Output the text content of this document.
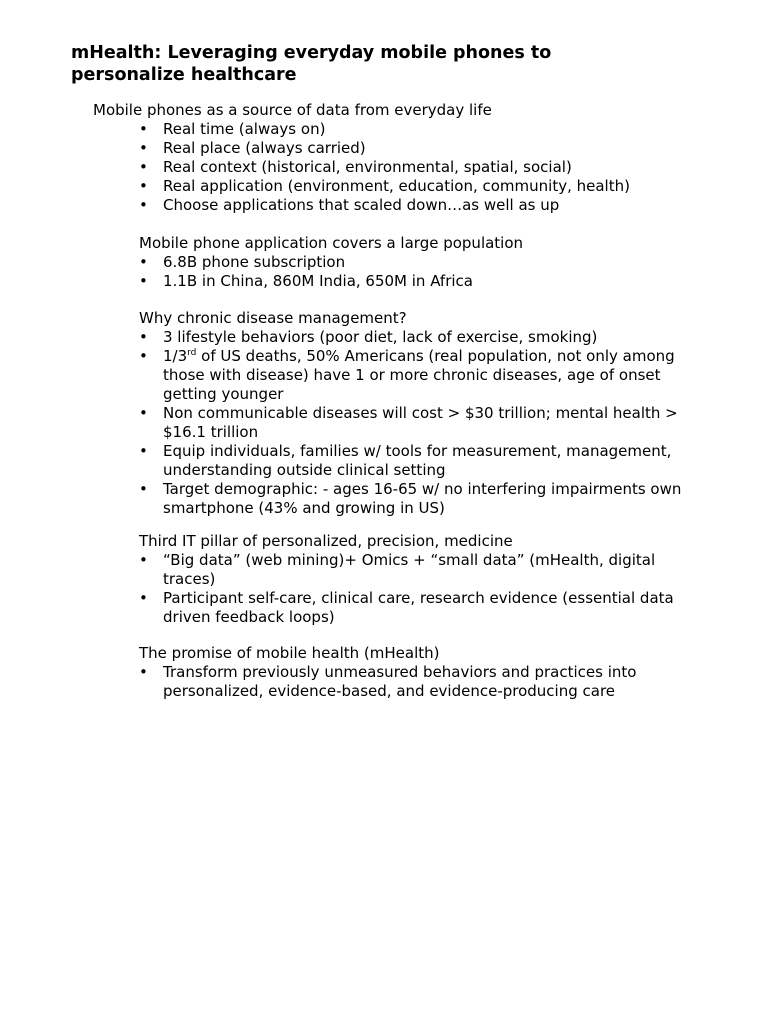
mHealth: Leveraging everyday mobile phones to
personalize healthcare

Mobile phones as a source of data from everyday life

•	Real time (always on)
•	Real place (always carried)
•	Real context (historical, environmental, spatial, social)
•	Real application (environment, education, community, health)
•	Choose applications that scaled down…as well as up

Mobile phone application covers a large population

•	6.8B phone subscription
•	1.1B in China, 860M India, 650M in Africa

Why chronic disease management?

•	3 lifestyle behaviors (poor diet, lack of exercise, smoking)
•	1/3rd of US deaths, 50% Americans (real population, not only among those with disease) have 1 or more chronic diseases, age of onset getting younger
•	Non communicable diseases will cost > $30 trillion; mental health > $16.1 trillion
•	Equip individuals, families w/ tools for measurement, management, understanding outside clinical setting
•	Target demographic: - ages 16-65 w/ no interfering impairments own smartphone (43% and growing in US)

Third IT pillar of personalized, precision, medicine

•	“Big data” (web mining)+ Omics + “small data” (mHealth, digital traces)
•	Participant self-care, clinical care, research evidence (essential data driven feedback loops)

The promise of mobile health (mHealth)

•	Transform previously unmeasured behaviors and practices into personalized, evidence-based, and evidence-producing care
